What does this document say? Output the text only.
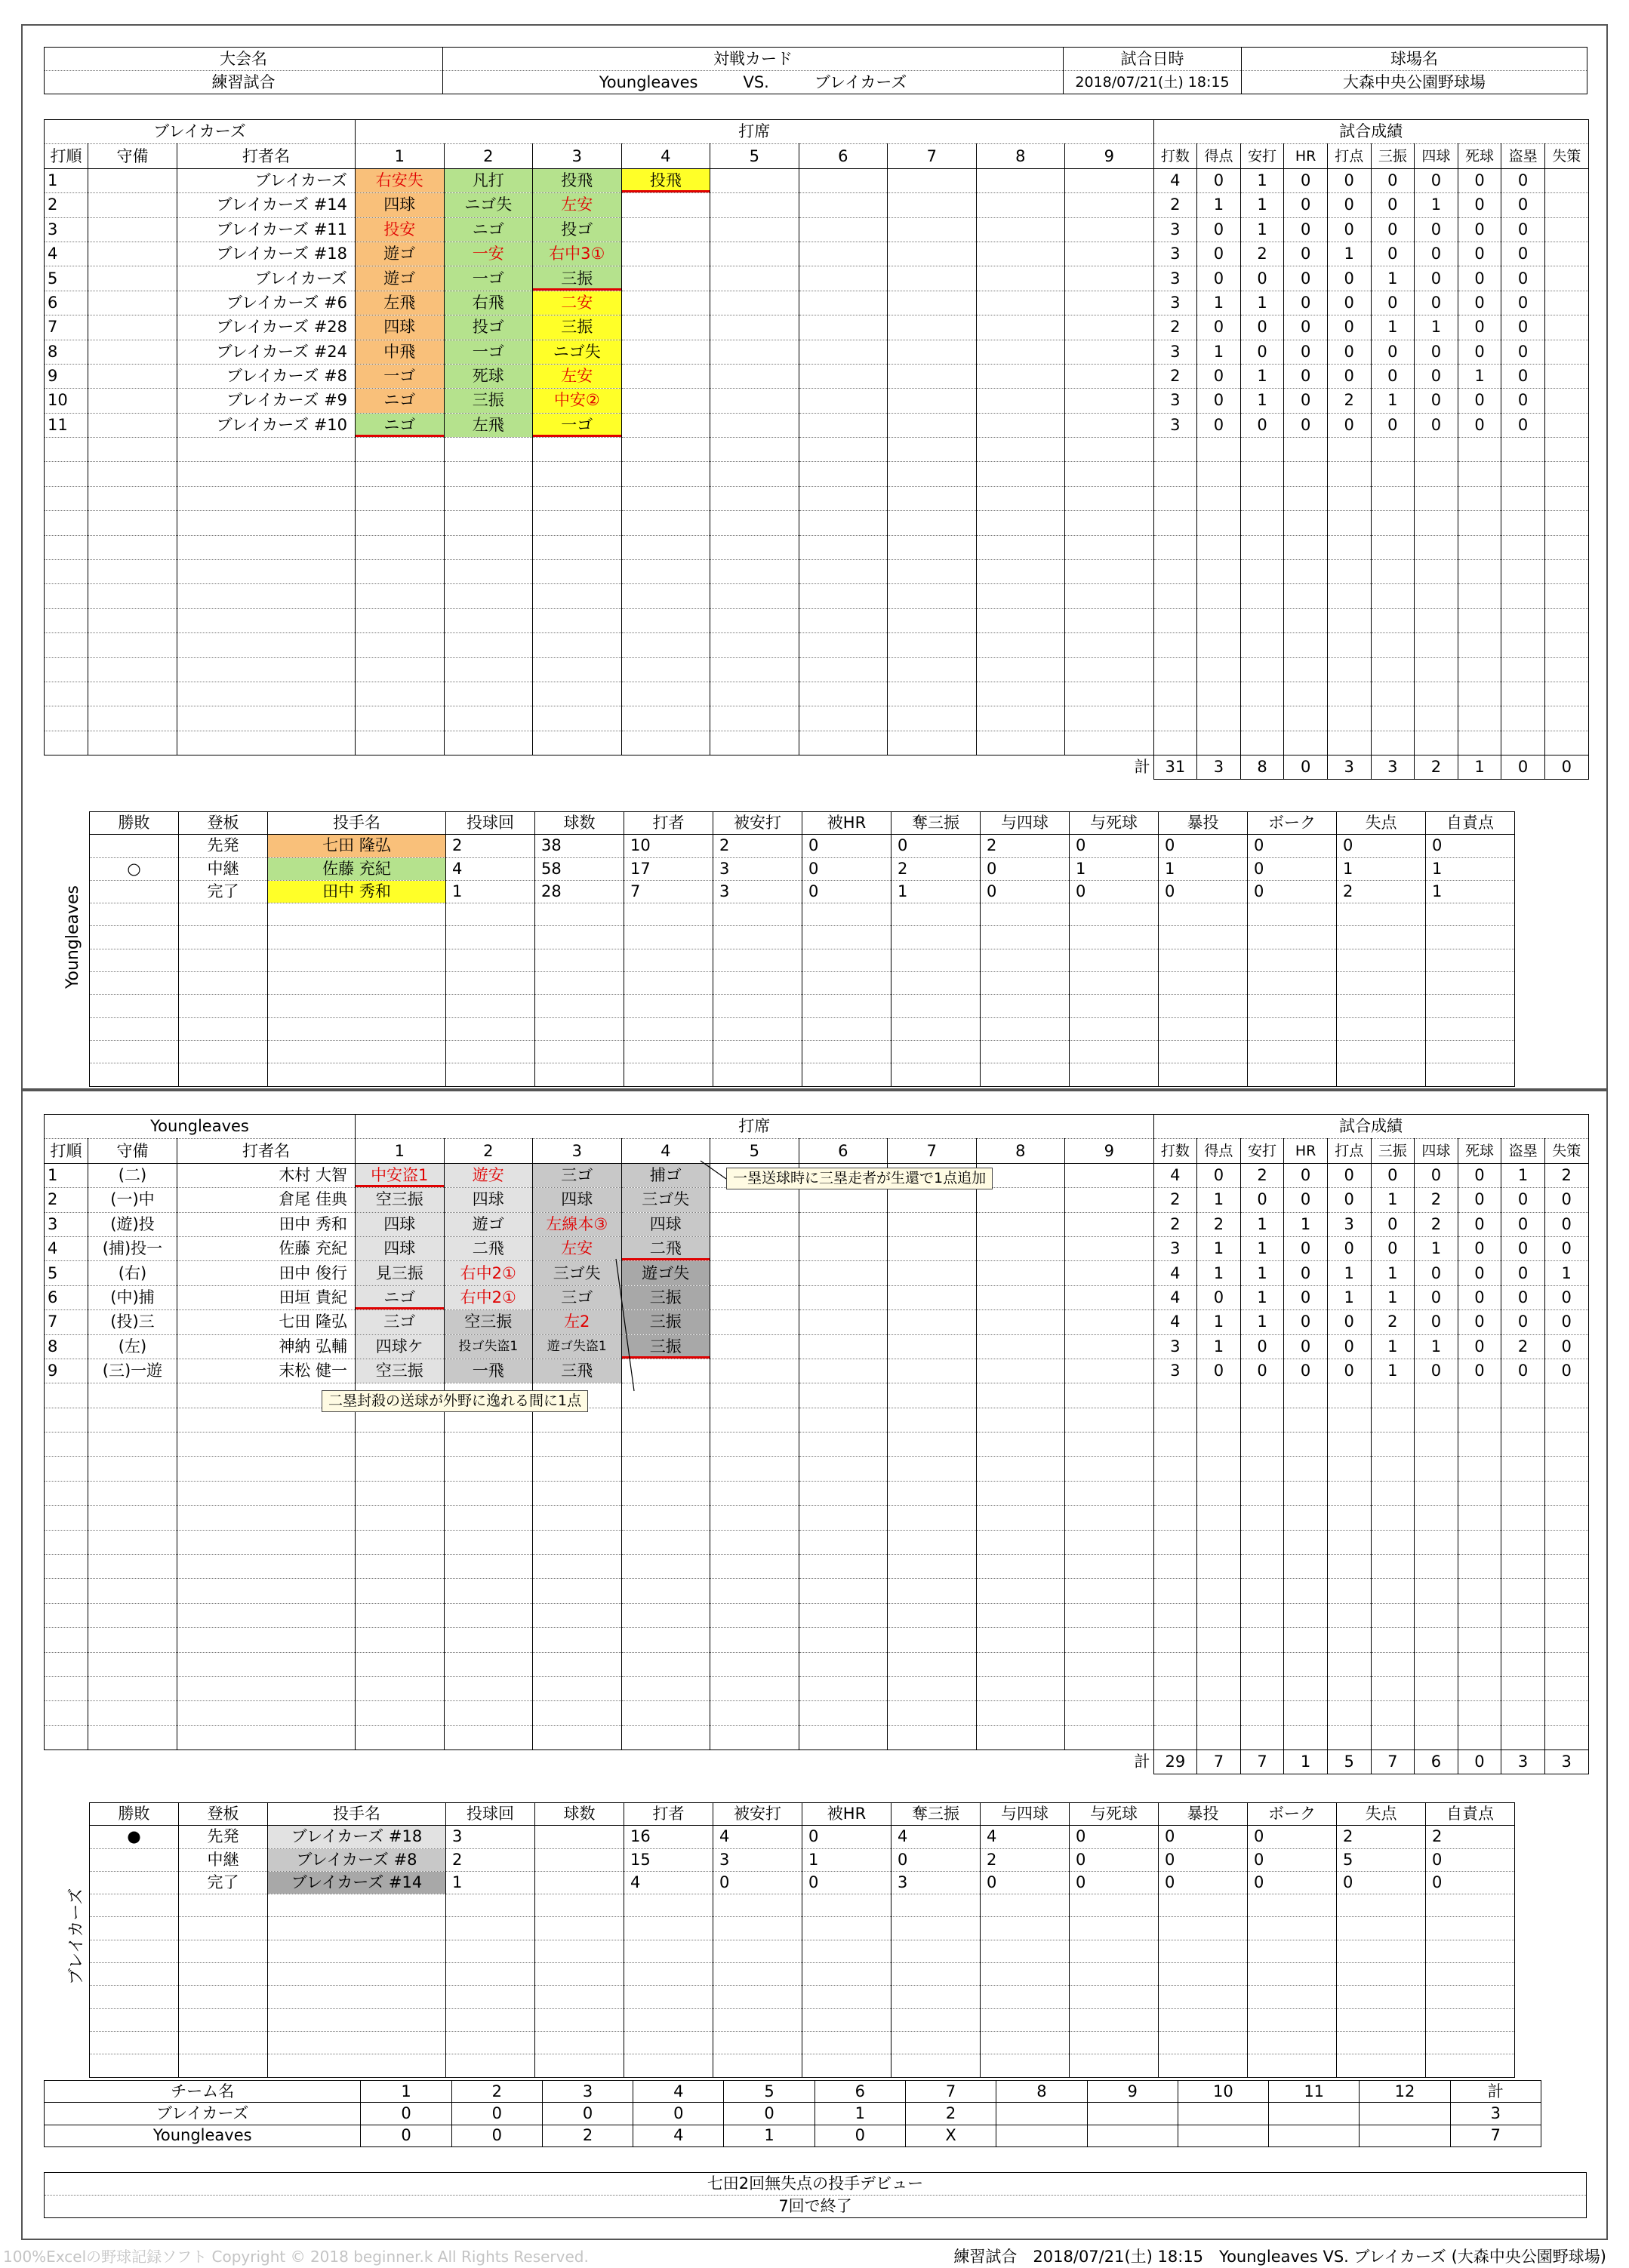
大会名	対戦カード	試合日時	球場名
練習試合	Youngleaves VS. ブレイカーズ	2018/07/21(土) 18:15	大森中央公園野球場
ブレイカーズ			打席									試合成績									
打順	守備	打者名	1	2	3	4	5	6	7	8	9	打数	得点	安打	HR	打点	三振	四球	死球	盗塁	失策
1		ブレイカーズ	右安失	凡打	投飛	投飛						4	0	1	0	0	0	0	0	0	
2		ブレイカーズ #14	四球	ニゴ失	左安							2	1	1	0	0	0	1	0	0	
3		ブレイカーズ #11	投安	ニゴ	投ゴ							3	0	1	0	0	0	0	0	0	
4		ブレイカーズ #18	遊ゴ	一安	右中3①							3	0	2	0	1	0	0	0	0	
5		ブレイカーズ	遊ゴ	一ゴ	三振							3	0	0	0	0	1	0	0	0	
6		ブレイカーズ #6	左飛	右飛	二安							3	1	1	0	0	0	0	0	0	
7		ブレイカーズ #28	四球	投ゴ	三振							2	0	0	0	0	1	1	0	0	
8		ブレイカーズ #24	中飛	一ゴ	ニゴ失							3	1	0	0	0	0	0	0	0	
9		ブレイカーズ #8	一ゴ	死球	左安							2	0	1	0	0	0	0	1	0	
10		ブレイカーズ #9	ニゴ	三振	中安②							3	0	1	0	2	1	0	0	0	
11		ブレイカーズ #10	ニゴ	左飛	一ゴ							3	0	0	0	0	0	0	0	0	

計												31	3	8	0	3	3	2	1	0	0
勝敗	登板	投手名	投球回	球数	打者	被安打	被HR	奪三振	与四球	与死球	暴投	ボーク	失点	自責点
	先発	七田 隆弘	2	38	10	2	0	0	2	0	0	0	0	0
○	中継	佐藤 充紀	4	58	17	3	0	2	0	1	1	0	1	1
	完了	田中 秀和	1	28	7	3	0	1	0	0	0	0	2	1

Youngleaves
Youngleaves			打席									試合成績									
打順	守備	打者名	1	2	3	4	5	6	7	8	9	打数	得点	安打	HR	打点	三振	四球	死球	盗塁	失策
1	(二)	木村 大智	中安盗1	遊安	三ゴ	捕ゴ						4	0	2	0	0	0	0	0	1	2
2	(一)中	倉尾 佳典	空三振	四球	四球	三ゴ失						2	1	0	0	0	1	2	0	0	0
3	(遊)投	田中 秀和	四球	遊ゴ	左線本③	四球						2	2	1	1	3	0	2	0	0	0
4	(捕)投一	佐藤 充紀	四球	二飛	左安	二飛						3	1	1	0	0	0	1	0	0	0
5	(右)	田中 俊行	見三振	右中2①	三ゴ失	遊ゴ失						4	1	1	0	1	1	0	0	0	1
6	(中)捕	田垣 貴紀	ニゴ	右中2①	三ゴ	三振						4	0	1	0	1	1	0	0	0	0
7	(投)三	七田 隆弘	三ゴ	空三振	左2	三振						4	1	1	0	0	2	0	0	0	0
8	(左)	神納 弘輔	四球ケ	投ゴ失盗1	遊ゴ失盗1	三振						3	1	0	0	0	1	1	0	2	0
9	(三)一遊	末松 健一	空三振	一飛	三飛							3	0	0	0	0	1	0	0	0	0

計												29	7	7	1	5	7	6	0	3	3
勝敗	登板	投手名	投球回	球数	打者	被安打	被HR	奪三振	与四球	与死球	暴投	ボーク	失点	自責点
●	先発	ブレイカーズ #18	3		16	4	0	4	4	0	0	0	2	2
	中継	ブレイカーズ #8	2		15	3	1	0	2	0	0	0	5	0
	完了	ブレイカーズ #14	1		4	0	0	3	0	0	0	0	0	0

ブレイカーズ
一塁送球時に三塁走者が生還で1点追加
二塁封殺の送球が外野に逸れる間に1点
チーム名	1	2	3	4	5	6	7	8	9	10	11	12	計
ブレイカーズ	0	0	0	0	0	1	2						3
Youngleaves	0	0	2	4	1	0	X						7
七田2回無失点の投手デビュー
7回で終了
100%Excelの野球記録ソフト Copyright © 2018 beginner.k All Rights Reserved.	練習試合　2018/07/21(土) 18:15　Youngleaves VS. ブレイカーズ (大森中央公園野球場)
